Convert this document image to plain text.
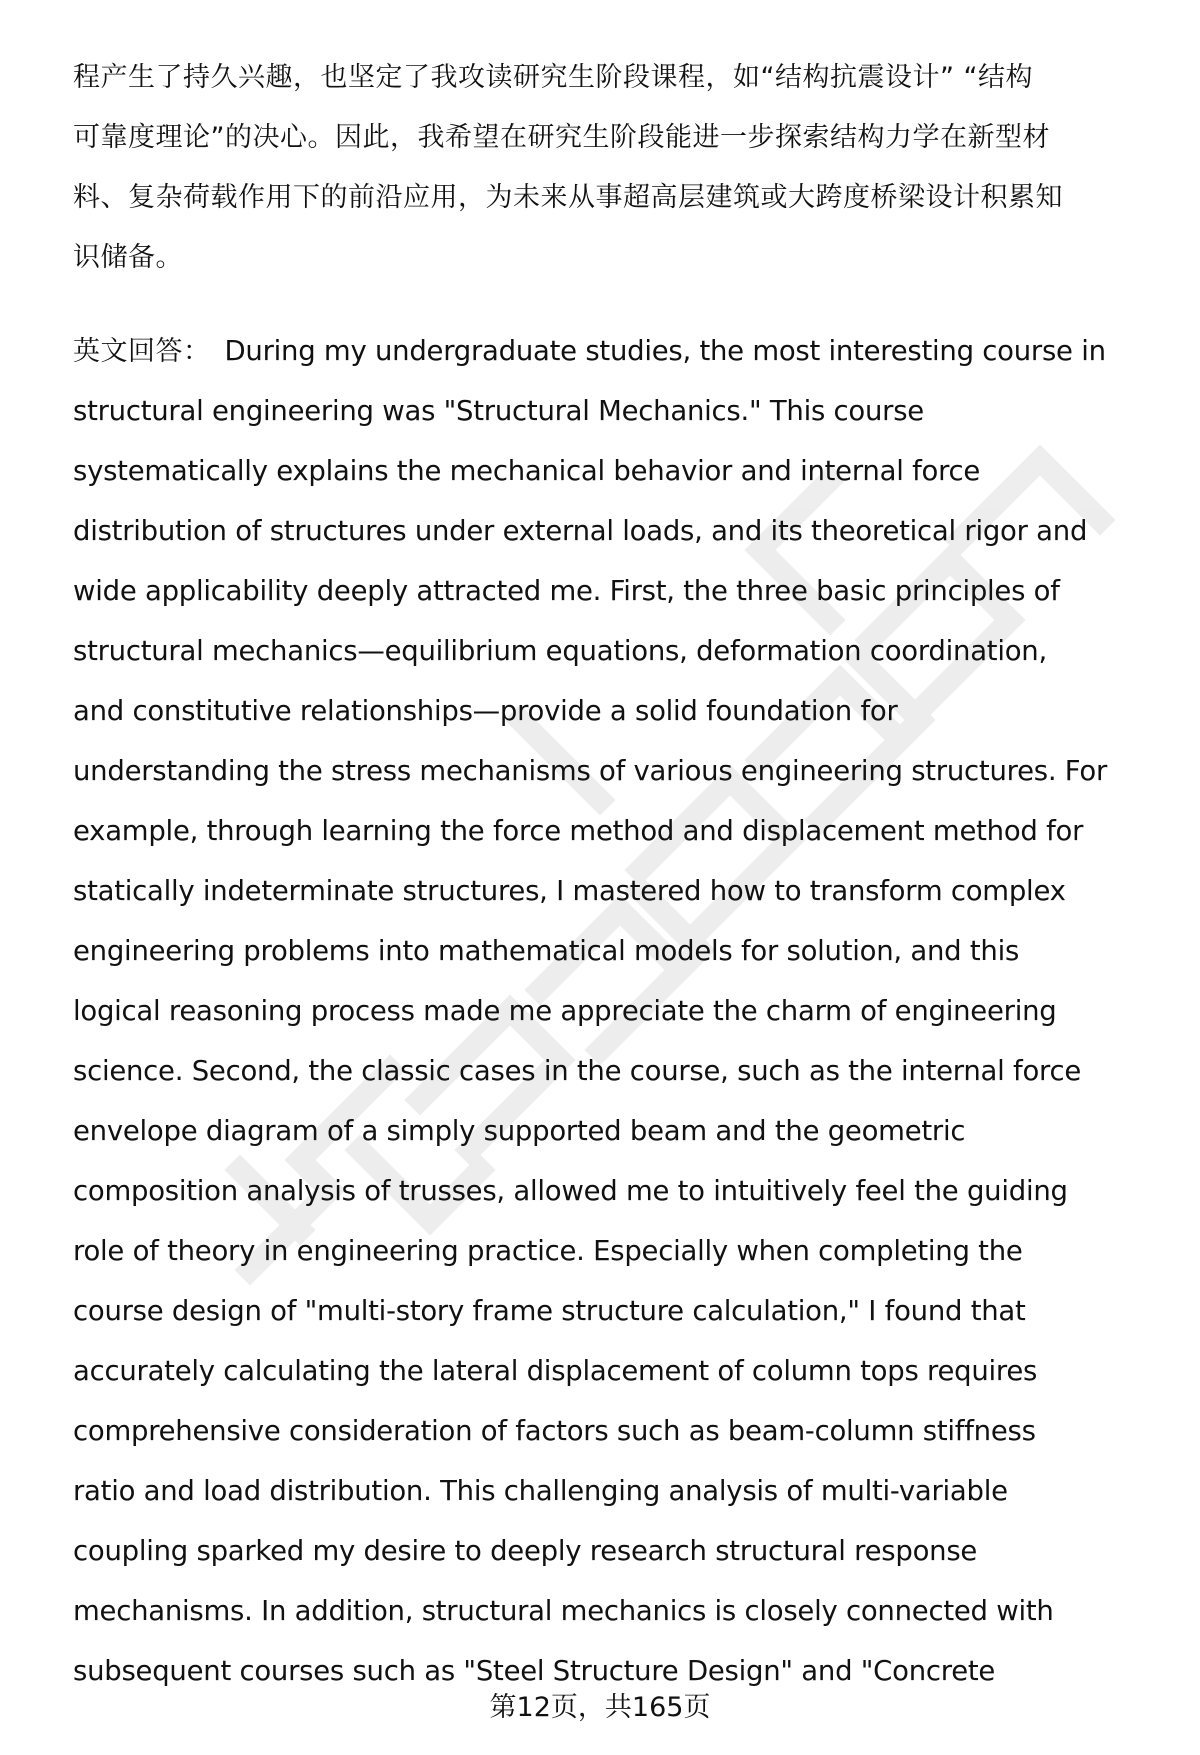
程产生了持久兴趣，也坚定了我攻读研究生阶段课程，如“结构抗震设计” “结构
可靠度理论”的决心。因此，我希望在研究生阶段能进一步探索结构力学在新型材
料、复杂荷载作用下的前沿应用，为未来从事超高层建筑或大跨度桥梁设计积累知
识储备。
英文回答： During my undergraduate studies, the most interesting course in
structural engineering was "Structural Mechanics." This course
systematically explains the mechanical behavior and internal force
distribution of structures under external loads, and its theoretical rigor and
wide applicability deeply attracted me. First, the three basic principles of
structural mechanics—equilibrium equations, deformation coordination,
and constitutive relationships—provide a solid foundation for
understanding the stress mechanisms of various engineering structures. For
example, through learning the force method and displacement method for
statically indeterminate structures, I mastered how to transform complex
engineering problems into mathematical models for solution, and this
logical reasoning process made me appreciate the charm of engineering
science. Second, the classic cases in the course, such as the internal force
envelope diagram of a simply supported beam and the geometric
composition analysis of trusses, allowed me to intuitively feel the guiding
role of theory in engineering practice. Especially when completing the
course design of "multi-story frame structure calculation," I found that
accurately calculating the lateral displacement of column tops requires
comprehensive consideration of factors such as beam-column stiffness
ratio and load distribution. This challenging analysis of multi-variable
coupling sparked my desire to deeply research structural response
mechanisms. In addition, structural mechanics is closely connected with
subsequent courses such as "Steel Structure Design" and "Concrete
第12页，共165页
